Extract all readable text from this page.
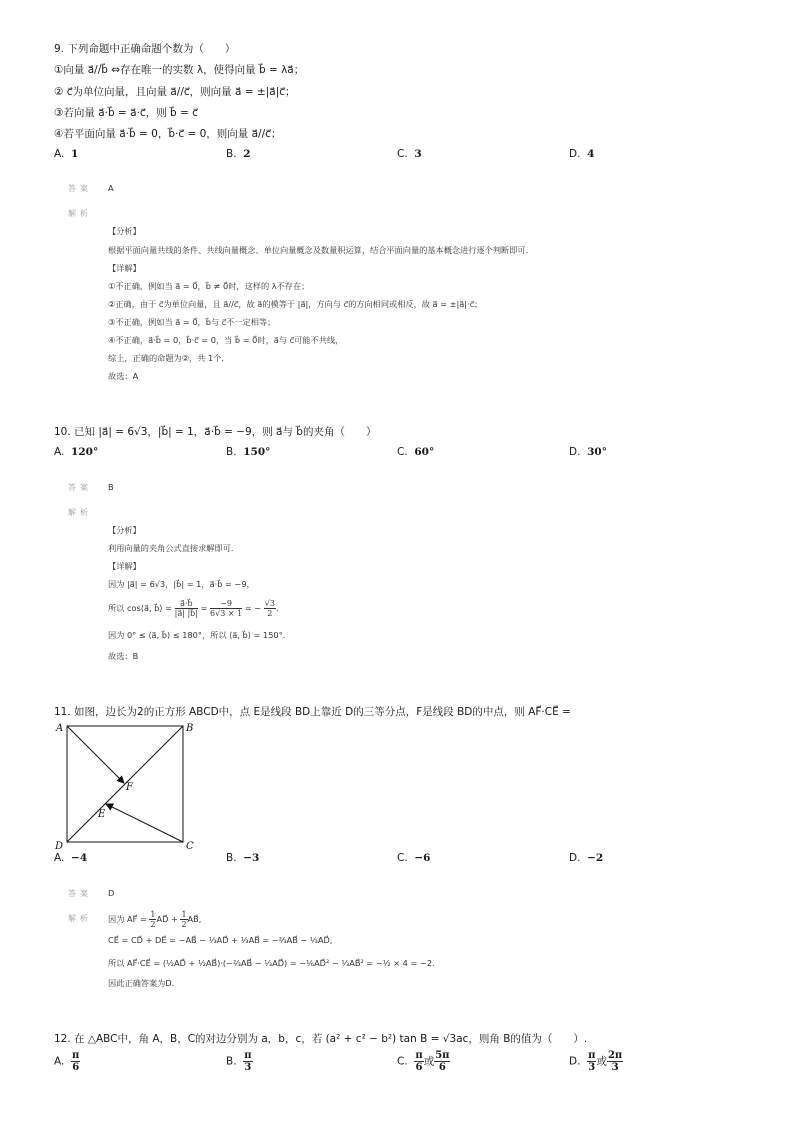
9. 下列命题中正确命题个数为（　　）
①向量 a⃗//b⃗ ⇔存在唯一的实数 λ，使得向量 b⃗ = λa⃗；
② c⃗为单位向量，且向量 a⃗//c⃗，则向量 a⃗ = ±|a⃗|c⃗；
③若向量 a⃗·b⃗ = a⃗·c⃗，则 b⃗ = c⃗
④若平面向量 a⃗·b⃗ = 0，b⃗·c⃗ = 0，则向量 a⃗//c⃗；
A. 1	B. 2	C. 3	D. 4
答案 A
解析
【分析】
根据平面向量共线的条件、共线向量概念、单位向量概念及数量积运算，结合平面向量的基本概念进行逐个判断即可.
【详解】
①不正确，例如当 a⃗ = 0⃗，b⃗ ≠ 0⃗时，这样的 λ不存在；
②正确，由于 c⃗为单位向量，且 a⃗//c⃗，故 a⃗的模等于 |a⃗|，方向与 c⃗的方向相同或相反，故 a⃗ = ±|a⃗|·c⃗；
③不正确，例如当 a⃗ = 0⃗，b⃗与 c⃗不一定相等；
④不正确，a⃗·b⃗ = 0，b⃗·c⃗ = 0，当 b⃗ = 0⃗时，a⃗与 c⃗可能不共线，
综上，正确的命题为②，共 1个.
故选：A
10. 已知 |a⃗| = 6√3，|b⃗| = 1，a⃗·b⃗ = −9，则 a⃗与 b⃗的夹角（　　）
A. 120°	B. 150°	C. 60°	D. 30°
答案 B
解析
【分析】
利用向量的夹角公式直接求解即可.
【详解】
因为 |a⃗| = 6√3，|b⃗| = 1，a⃗·b⃗ = −9，
所以 cos⟨a⃗, b⃗⟩ = $\frac{a⃗\cdot b⃗}{|a⃗| |b⃗|} = \frac{-9}{6√3 \times 1}$ = − $\frac{√3}{2}$ .
因为 0° ≤ ⟨a⃗, b⃗⟩ ≤ 180°，所以 ⟨a⃗, b⃗⟩ = 150°.
故选：B
11. 如图，边长为2的正方形 ABCD中，点 E是线段 BD上靠近 D的三等分点，F是线段 BD的中点，则 AF⃗·CE⃗ =
A	B
C
D
E
F
A. −4	B. −3	C. −6	D. −2
答案 D
解析 因为 AF⃗ = $\frac{1}{2}$ AD⃗ + $\frac{1}{2}$ AB⃗,
CE⃗ = CD⃗ + DE⃗ = −AB⃗ − ⅓AD⃗ + ⅓AB⃗ = −⅔AB⃗ − ⅓AD⃗,
所以 AF⃗·CE⃗ = (½AD⃗ + ½AB⃗)·(−⅔AB⃗ − ⅓AD⃗) = −⅙AD⃗² − ⅓AB⃗² = −½ × 4 = −2.
因此正确答案为D.
12. 在 △ABC中，角 A，B，C的对边分别为 a，b，c，若 (a² + c² − b²) tan B = √3ac，则角 B的值为（　　）.
A. $\frac{\pi}{6}$	B. $\frac{\pi}{3}$	C. $\frac{\pi}{6}$ 或 $\frac{5\pi}{6}$	D. $\frac{\pi}{3}$ 或 $\frac{2\pi}{3}$
